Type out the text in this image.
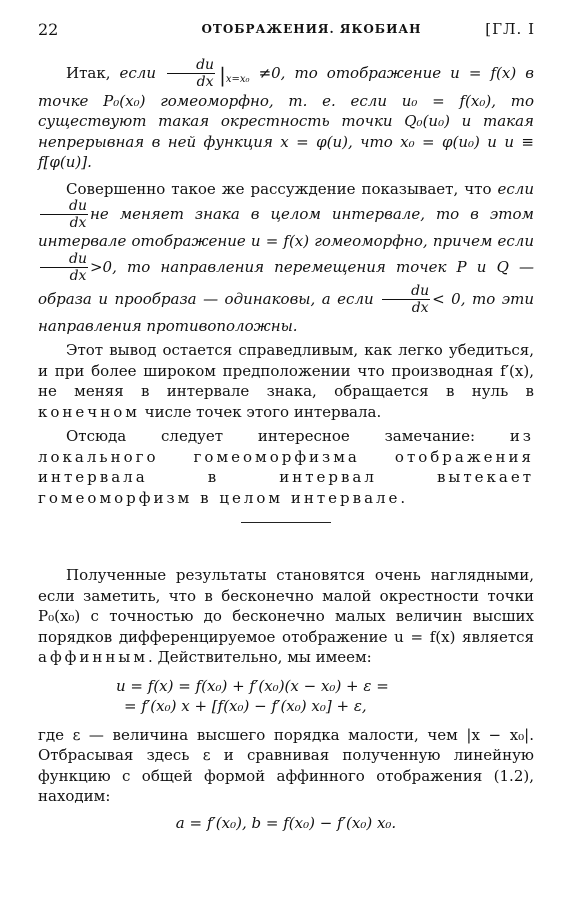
22	ОТОБРАЖЕНИЯ. ЯКОБИАН	[ГЛ. I

Итак, если $\frac{du}{dx} |_{x=x_0} \ne 0$, то отображение u = f(x) в точке P₀(x₀) гомеоморфно, т. е. если u₀ = f(x₀), то существуют такая окрестность точки Q₀(u₀) и такая непрерывная в ней функция x = φ(u), что x₀ = φ(u₀) и u ≡ f[φ(u)].

Совершенно такое же рассуждение показывает, что если
$\frac{du}{dx}$ не меняет знака в целом интервале, то в этом интервале отображение u = f(x) гомеоморфно, причем если
$\frac{du}{dx} >0$, то направления перемещения точек P и Q — образа и прообраза — одинаковы, а если $\frac{du}{dx} < 0$, то эти направления противоположны.

Этот вывод остается справедливым, как легко убедиться, и при более широком предположении что производная f′(x), не меняя в интервале знака, обращается в нуль в конечном числе точек этого интервала.

Отсюда следует интересное замечание: из локального гомеоморфизма отображения интервала в интервал вытекает гомеоморфизм в целом интервале.

Полученные результаты становятся очень наглядными, если заметить, что в бесконечно малой окрестности точки P₀(x₀) с точностью до бесконечно малых величин высших порядков дифференцируемое отображение u = f(x) является аффинным. Действительно, мы имеем:

u = f(x) = f(x₀) + f′(x₀)(x − x₀) + ε =
= f′(x₀) x + [f(x₀) − f′(x₀) x₀] + ε,

где ε — величина высшего порядка малости, чем |x − x₀|. Отбрасывая здесь ε и сравнивая полученную линейную функцию с общей формой аффинного отображения (1.2), находим:

a = f′(x₀), b = f(x₀) − f′(x₀) x₀.
